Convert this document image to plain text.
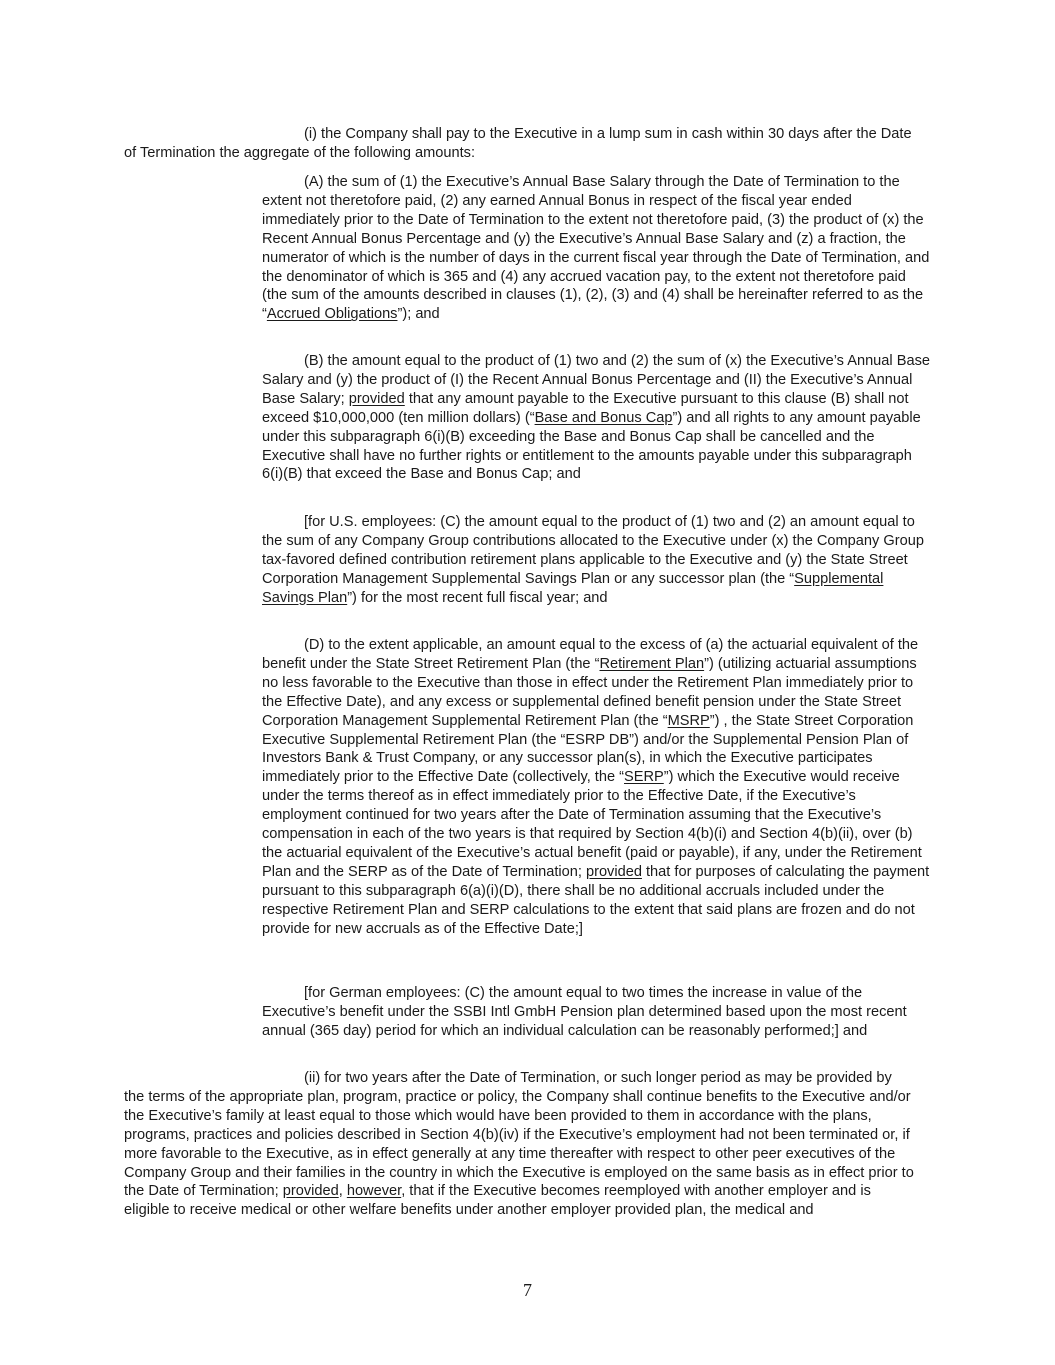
(i) the Company shall pay to the Executive in a lump sum in cash within 30 days after the Date of Termination the aggregate of the following amounts:

(A) the sum of (1) the Executive’s Annual Base Salary through the Date of Termination to the extent not theretofore paid, (2) any earned Annual Bonus in respect of the fiscal year ended immediately prior to the Date of Termination to the extent not theretofore paid, (3) the product of (x) the Recent Annual Bonus Percentage and (y) the Executive’s Annual Base Salary and (z) a fraction, the numerator of which is the number of days in the current fiscal year through the Date of Termination, and the denominator of which is 365 and (4) any accrued vacation pay, to the extent not theretofore paid (the sum of the amounts described in clauses (1), (2), (3) and (4) shall be hereinafter referred to as the “Accrued Obligations”); and

(B) the amount equal to the product of (1) two and (2) the sum of (x) the Executive’s Annual Base Salary and (y) the product of (I) the Recent Annual Bonus Percentage and (II) the Executive’s Annual Base Salary; provided that any amount payable to the Executive pursuant to this clause (B) shall not exceed $10,000,000 (ten million dollars) (“Base and Bonus Cap”) and all rights to any amount payable under this subparagraph 6(i)(B) exceeding the Base and Bonus Cap shall be cancelled and the Executive shall have no further rights or entitlement to the amounts payable under this subparagraph 6(i)(B) that exceed the Base and Bonus Cap; and

[for U.S. employees: (C) the amount equal to the product of (1) two and (2) an amount equal to the sum of any Company Group contributions allocated to the Executive under (x) the Company Group tax-favored defined contribution retirement plans applicable to the Executive and (y) the State Street Corporation Management Supplemental Savings Plan or any successor plan (the “Supplemental Savings Plan”) for the most recent full fiscal year; and

(D) to the extent applicable, an amount equal to the excess of (a) the actuarial equivalent of the benefit under the State Street Retirement Plan (the “Retirement Plan”) (utilizing actuarial assumptions no less favorable to the Executive than those in effect under the Retirement Plan immediately prior to the Effective Date), and any excess or supplemental defined benefit pension under the State Street Corporation Management Supplemental Retirement Plan (the “MSRP”) , the State Street Corporation Executive Supplemental Retirement Plan (the “ESRP DB”) and/or the Supplemental Pension Plan of Investors Bank & Trust Company, or any successor plan(s), in which the Executive participates immediately prior to the Effective Date (collectively, the “SERP”) which the Executive would receive under the terms thereof as in effect immediately prior to the Effective Date, if the Executive’s employment continued for two years after the Date of Termination assuming that the Executive’s compensation in each of the two years is that required by Section 4(b)(i) and Section 4(b)(ii), over (b) the actuarial equivalent of the Executive’s actual benefit (paid or payable), if any, under the Retirement Plan and the SERP as of the Date of Termination; provided that for purposes of calculating the payment pursuant to this subparagraph 6(a)(i)(D), there shall be no additional accruals included under the respective Retirement Plan and SERP calculations to the extent that said plans are frozen and do not provide for new accruals as of the Effective Date;]

[for German employees: (C) the amount equal to two times the increase in value of the Executive’s benefit under the SSBI Intl GmbH Pension plan determined based upon the most recent annual (365 day) period for which an individual calculation can be reasonably performed;] and

(ii) for two years after the Date of Termination, or such longer period as may be provided by the terms of the appropriate plan, program, practice or policy, the Company shall continue benefits to the Executive and/or the Executive’s family at least equal to those which would have been provided to them in accordance with the plans, programs, practices and policies described in Section 4(b)(iv) if the Executive’s employment had not been terminated or, if more favorable to the Executive, as in effect generally at any time thereafter with respect to other peer executives of the Company Group and their families in the country in which the Executive is employed on the same basis as in effect prior to the Date of Termination; provided, however, that if the Executive becomes reemployed with another employer and is eligible to receive medical or other welfare benefits under another employer provided plan, the medical and

7
